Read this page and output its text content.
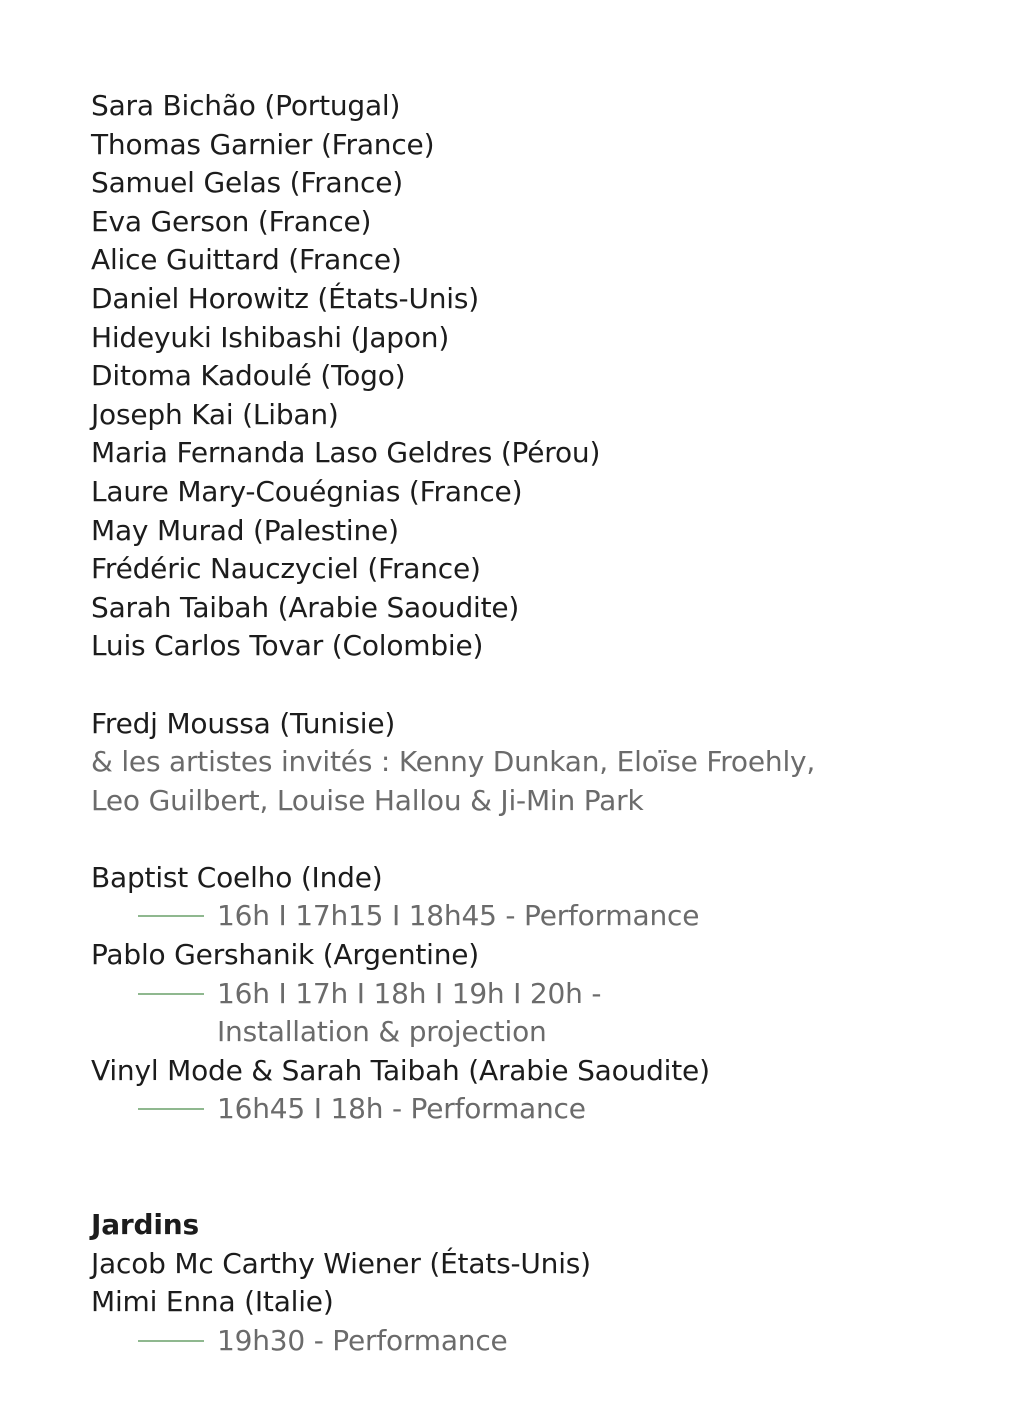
Sara Bichão (Portugal)
Thomas Garnier (France)
Samuel Gelas (France)
Eva Gerson (France)
Alice Guittard (France)
Daniel Horowitz (États-Unis)
Hideyuki Ishibashi (Japon)
Ditoma Kadoulé (Togo)
Joseph Kai (Liban)
Maria Fernanda Laso Geldres (Pérou)
Laure Mary-Couégnias (France)
May Murad (Palestine)
Frédéric Nauczyciel (France)
Sarah Taibah (Arabie Saoudite)
Luis Carlos Tovar (Colombie)
Fredj Moussa (Tunisie)
& les artistes invités : Kenny Dunkan, Eloïse Froehly,
Leo Guilbert, Louise Hallou & Ji-Min Park
Baptist Coelho (Inde)
16h I 17h15 I 18h45 - Performance
Pablo Gershanik (Argentine)
16h I 17h I 18h I 19h I 20h -
Installation & projection
Vinyl Mode & Sarah Taibah (Arabie Saoudite)
16h45 I 18h - Performance
Jardins
Jacob Mc Carthy Wiener (États-Unis)
Mimi Enna (Italie)
19h30 - Performance
